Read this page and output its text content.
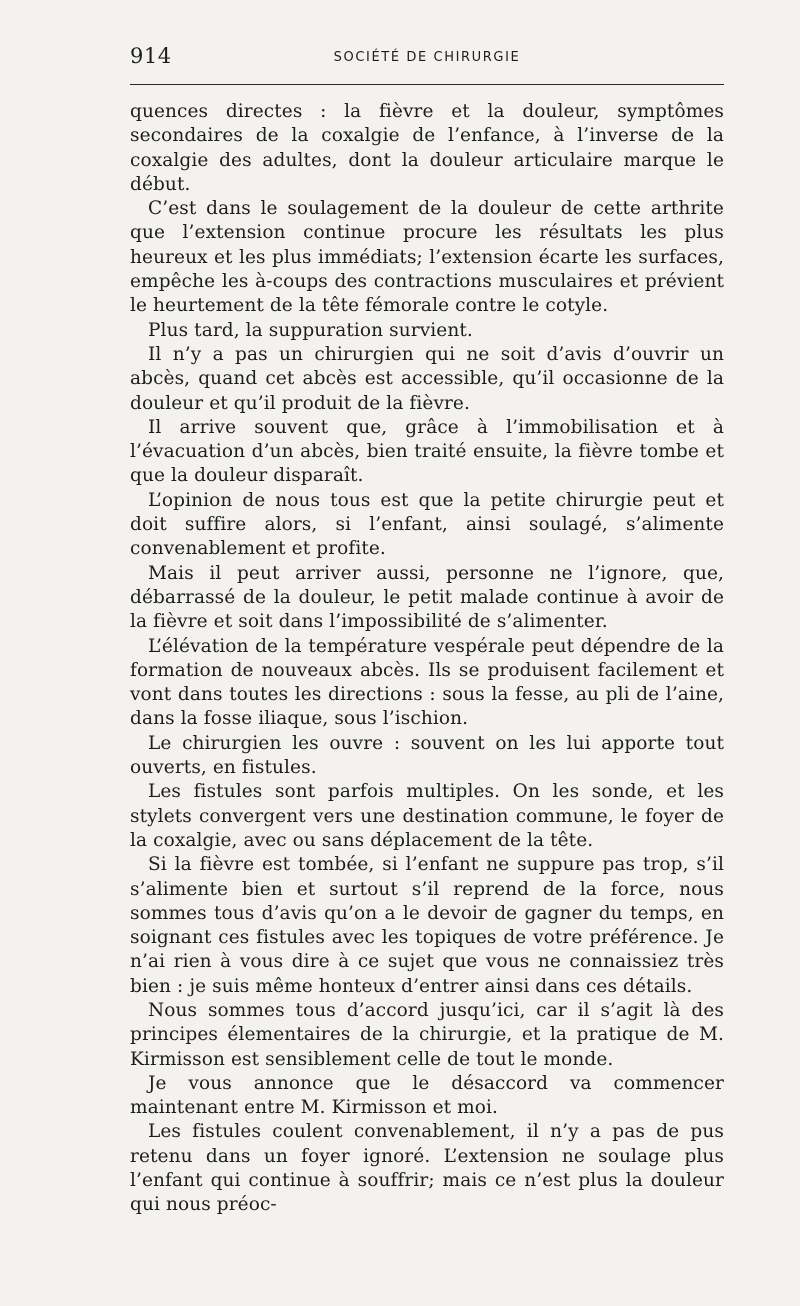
914	SOCIÉTÉ DE CHIRURGIE

quences directes : la fièvre et la douleur, symptômes secondaires de la coxalgie de l’enfance, à l’inverse de la coxalgie des adultes, dont la douleur articulaire marque le début.

C’est dans le soulagement de la douleur de cette arthrite que l’extension continue procure les résultats les plus heureux et les plus immédiats; l’extension écarte les surfaces, empêche les à-coups des contractions musculaires et prévient le heurtement de la tête fémorale contre le cotyle.

Plus tard, la suppuration survient.

Il n’y a pas un chirurgien qui ne soit d’avis d’ouvrir un abcès, quand cet abcès est accessible, qu’il occasionne de la douleur et qu’il produit de la fièvre.

Il arrive souvent que, grâce à l’immobilisation et à l’évacuation d’un abcès, bien traité ensuite, la fièvre tombe et que la douleur disparaît.

L’opinion de nous tous est que la petite chirurgie peut et doit suffire alors, si l’enfant, ainsi soulagé, s’alimente convenablement et profite.

Mais il peut arriver aussi, personne ne l’ignore, que, débarrassé de la douleur, le petit malade continue à avoir de la fièvre et soit dans l’impossibilité de s’alimenter.

L’élévation de la température vespérale peut dépendre de la formation de nouveaux abcès. Ils se produisent facilement et vont dans toutes les directions : sous la fesse, au pli de l’aine, dans la fosse iliaque, sous l’ischion.

Le chirurgien les ouvre : souvent on les lui apporte tout ouverts, en fistules.

Les fistules sont parfois multiples. On les sonde, et les stylets convergent vers une destination commune, le foyer de la coxalgie, avec ou sans déplacement de la tête.

Si la fièvre est tombée, si l’enfant ne suppure pas trop, s’il s’alimente bien et surtout s’il reprend de la force, nous sommes tous d’avis qu’on a le devoir de gagner du temps, en soignant ces fistules avec les topiques de votre préférence. Je n’ai rien à vous dire à ce sujet que vous ne connaissiez très bien : je suis même honteux d’entrer ainsi dans ces détails.

Nous sommes tous d’accord jusqu’ici, car il s’agit là des principes élementaires de la chirurgie, et la pratique de M. Kirmisson est sensiblement celle de tout le monde.

Je vous annonce que le désaccord va commencer maintenant entre M. Kirmisson et moi.

Les fistules coulent convenablement, il n’y a pas de pus retenu dans un foyer ignoré. L’extension ne soulage plus l’enfant qui continue à souffrir; mais ce n’est plus la douleur qui nous préoc-
